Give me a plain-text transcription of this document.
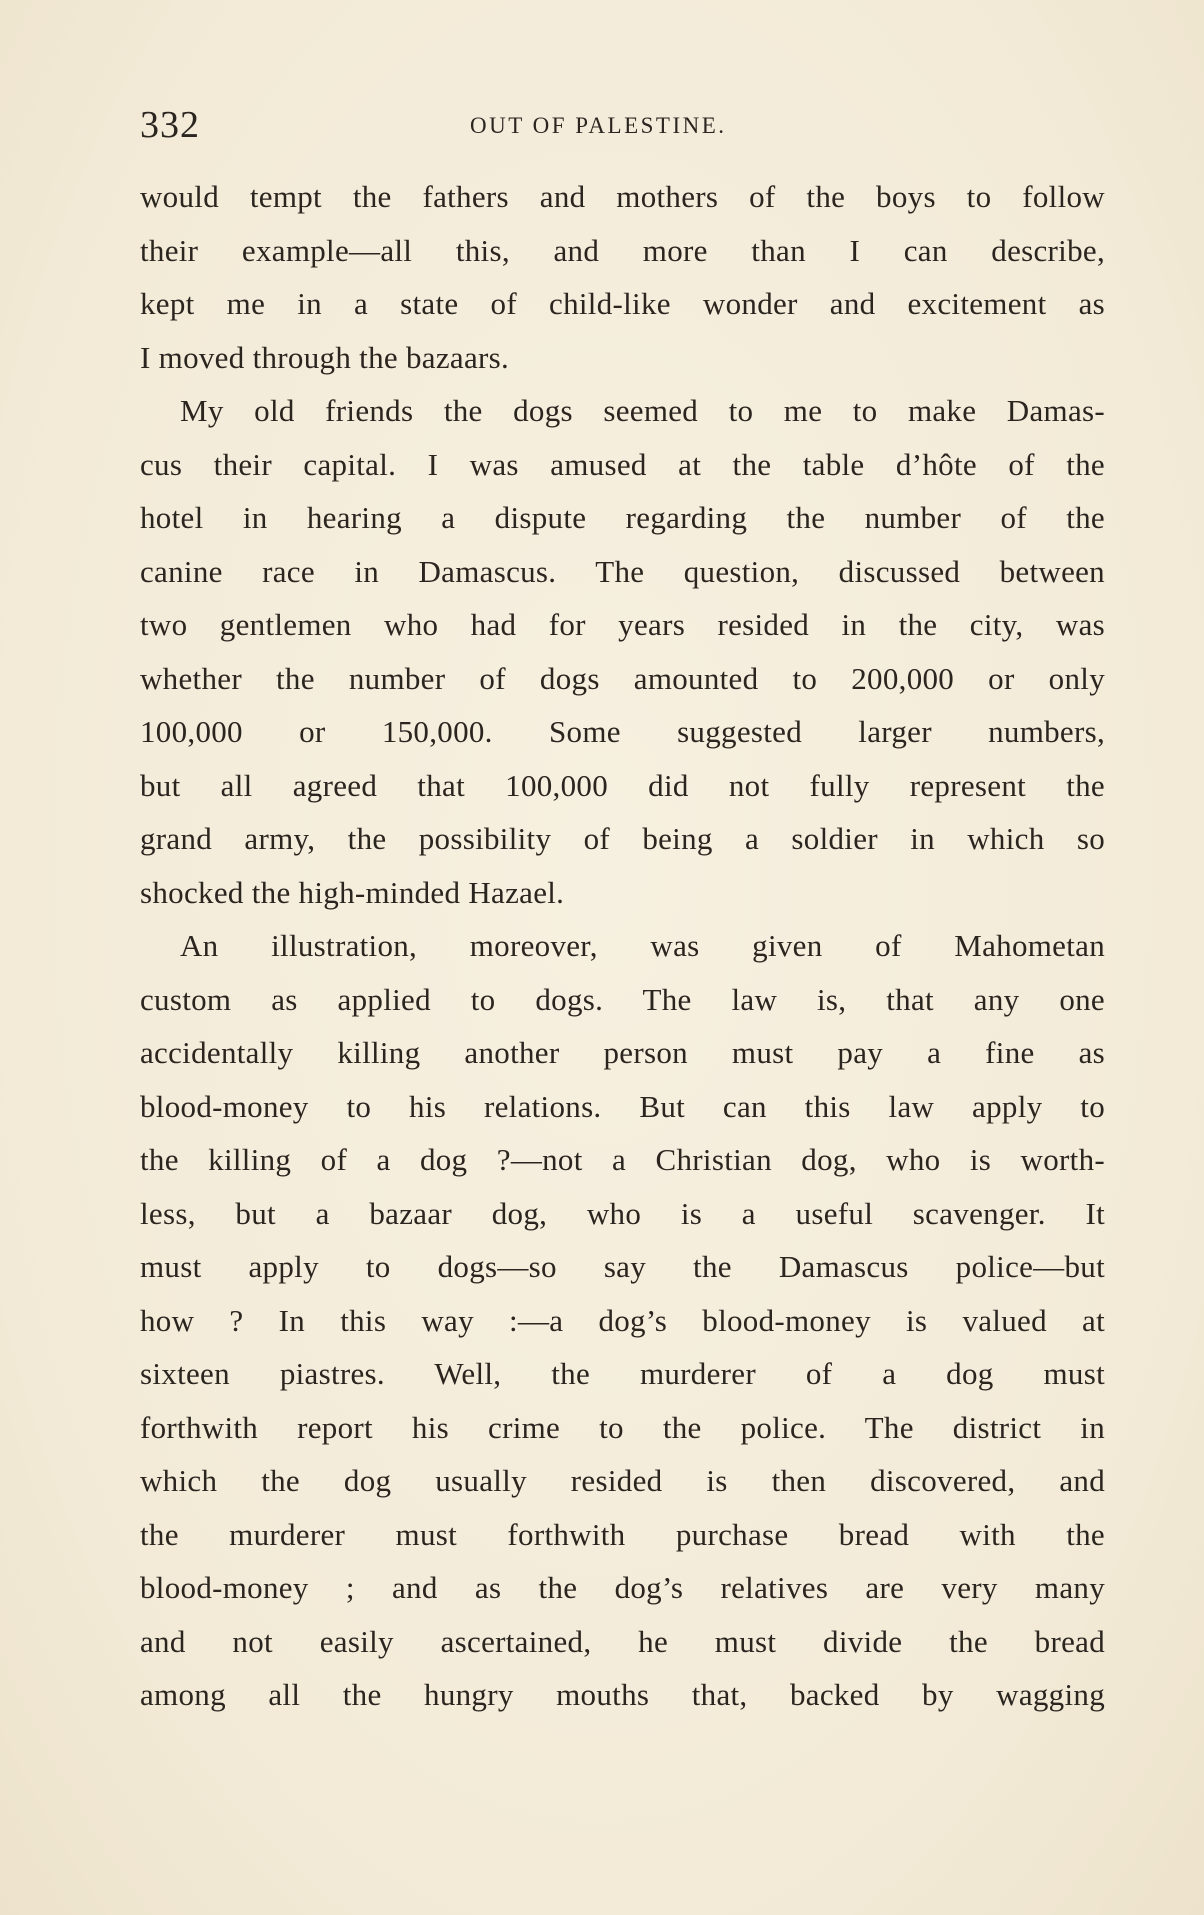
332	OUT OF PALESTINE.
would tempt the fathers and mothers of the boys to follow
their example—all this, and more than I can describe,
kept me in a state of child-like wonder and excitement as
I moved through the bazaars.
My old friends the dogs seemed to me to make Damas-
cus their capital. I was amused at the table d’hôte of the
hotel in hearing a dispute regarding the number of the
canine race in Damascus. The question, discussed between
two gentlemen who had for years resided in the city, was
whether the number of dogs amounted to 200,000 or only
100,000 or 150,000. Some suggested larger numbers,
but all agreed that 100,000 did not fully represent the
grand army, the possibility of being a soldier in which so
shocked the high-minded Hazael.
An illustration, moreover, was given of Mahometan
custom as applied to dogs. The law is, that any one
accidentally killing another person must pay a fine as
blood-money to his relations. But can this law apply to
the killing of a dog ?—not a Christian dog, who is worth-
less, but a bazaar dog, who is a useful scavenger. It
must apply to dogs—so say the Damascus police—but
how ? In this way :—a dog’s blood-money is valued at
sixteen piastres. Well, the murderer of a dog must
forthwith report his crime to the police. The district in
which the dog usually resided is then discovered, and
the murderer must forthwith purchase bread with the
blood-money ; and as the dog’s relatives are very many
and not easily ascertained, he must divide the bread
among all the hungry mouths that, backed by wagging
